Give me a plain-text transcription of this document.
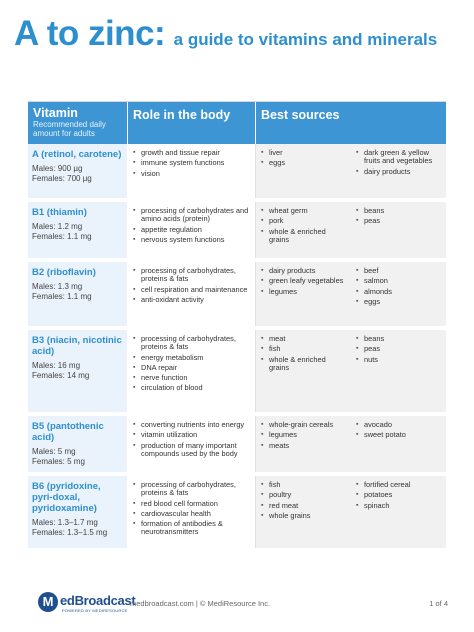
A to zinc: a guide to vitamins and minerals
Vitamin
Recommended daily amount for adults
Role in the body	Best sources
A (retinol, carotene)
Males: 900 µg
Females: 700 µg
▪ growth and tissue repair
▪ immune system functions
▪ vision
▪ liver
▪ eggs
▪ dark green & yellow fruits and vegetables
▪ dairy products
B1 (thiamin)
Males: 1.2 mg
Females: 1.1 mg
▪ processing of carbohydrates and amino acids (protein)
▪ appetite regulation
▪ nervous system functions
▪ wheat germ
▪ pork
▪ whole & enriched grains
▪ beans
▪ peas
B2 (riboflavin)
Males: 1.3 mg
Females: 1.1 mg
▪ processing of carbohydrates, proteins & fats
▪ cell respiration and maintenance
▪ anti-oxidant activity
▪ dairy products
▪ green leafy vegetables
▪ legumes
▪ beef
▪ salmon
▪ almonds
▪ eggs
B3 (niacin, nicotinic acid)
Males: 16 mg
Females: 14 mg
▪ processing of carbohydrates, proteins & fats
▪ energy metabolism
▪ DNA repair
▪ nerve function
▪ circulation of blood
▪ meat
▪ fish
▪ whole & enriched grains
▪ beans
▪ peas
▪ nuts
B5 (pantothenic acid)
Males: 5 mg
Females: 5 mg
▪ converting nutrients into energy
▪ vitamin utilization
▪ production of many important compounds used by the body
▪ whole-grain cereals
▪ legumes
▪ meats
▪ avocado
▪ sweet potato
B6 (pyridoxine, pyri-doxal, pyridoxamine)
Males: 1.3–1.7 mg
Females: 1.3–1.5 mg
▪ processing of carbohydrates, proteins & fats
▪ red blood cell formation
▪ cardiovascular health
▪ formation of antibodies & neurotransmitters
▪ fish
▪ poultry
▪ red meat
▪ whole grains
▪ fortified cereal
▪ potatoes
▪ spinach
M edBroadcast
POWERED BY MEDIRESOURCE
medbroadcast.com | © MediResource Inc.	1 of 4
